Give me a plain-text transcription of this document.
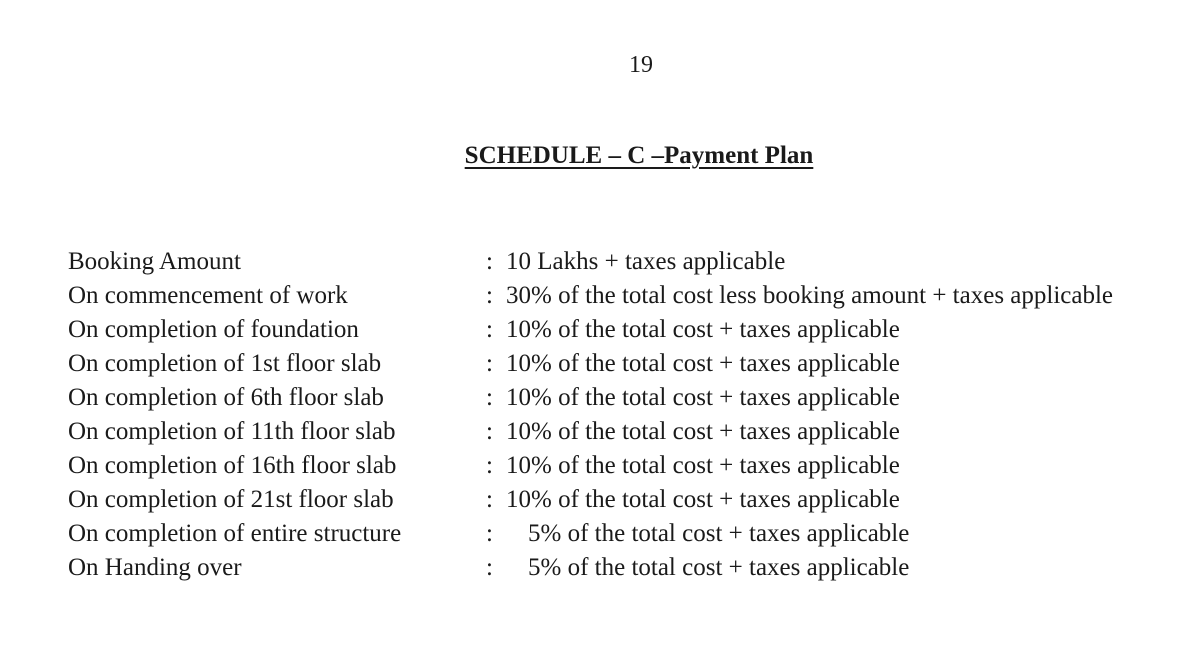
19
SCHEDULE – C –Payment Plan
Booking Amount	: 10 Lakhs + taxes applicable
On commencement of work	: 30% of the total cost less booking amount + taxes applicable
On completion of foundation	: 10% of the total cost + taxes applicable
On completion of 1st floor slab	: 10% of the total cost + taxes applicable
On completion of 6th floor slab	: 10% of the total cost + taxes applicable
On completion of 11th floor slab	: 10% of the total cost + taxes applicable
On completion of 16th floor slab	: 10% of the total cost + taxes applicable
On completion of 21st floor slab	: 10% of the total cost + taxes applicable
On completion of entire structure	:	5% of the total cost + taxes applicable
On Handing over	:	5% of the total cost + taxes applicable
